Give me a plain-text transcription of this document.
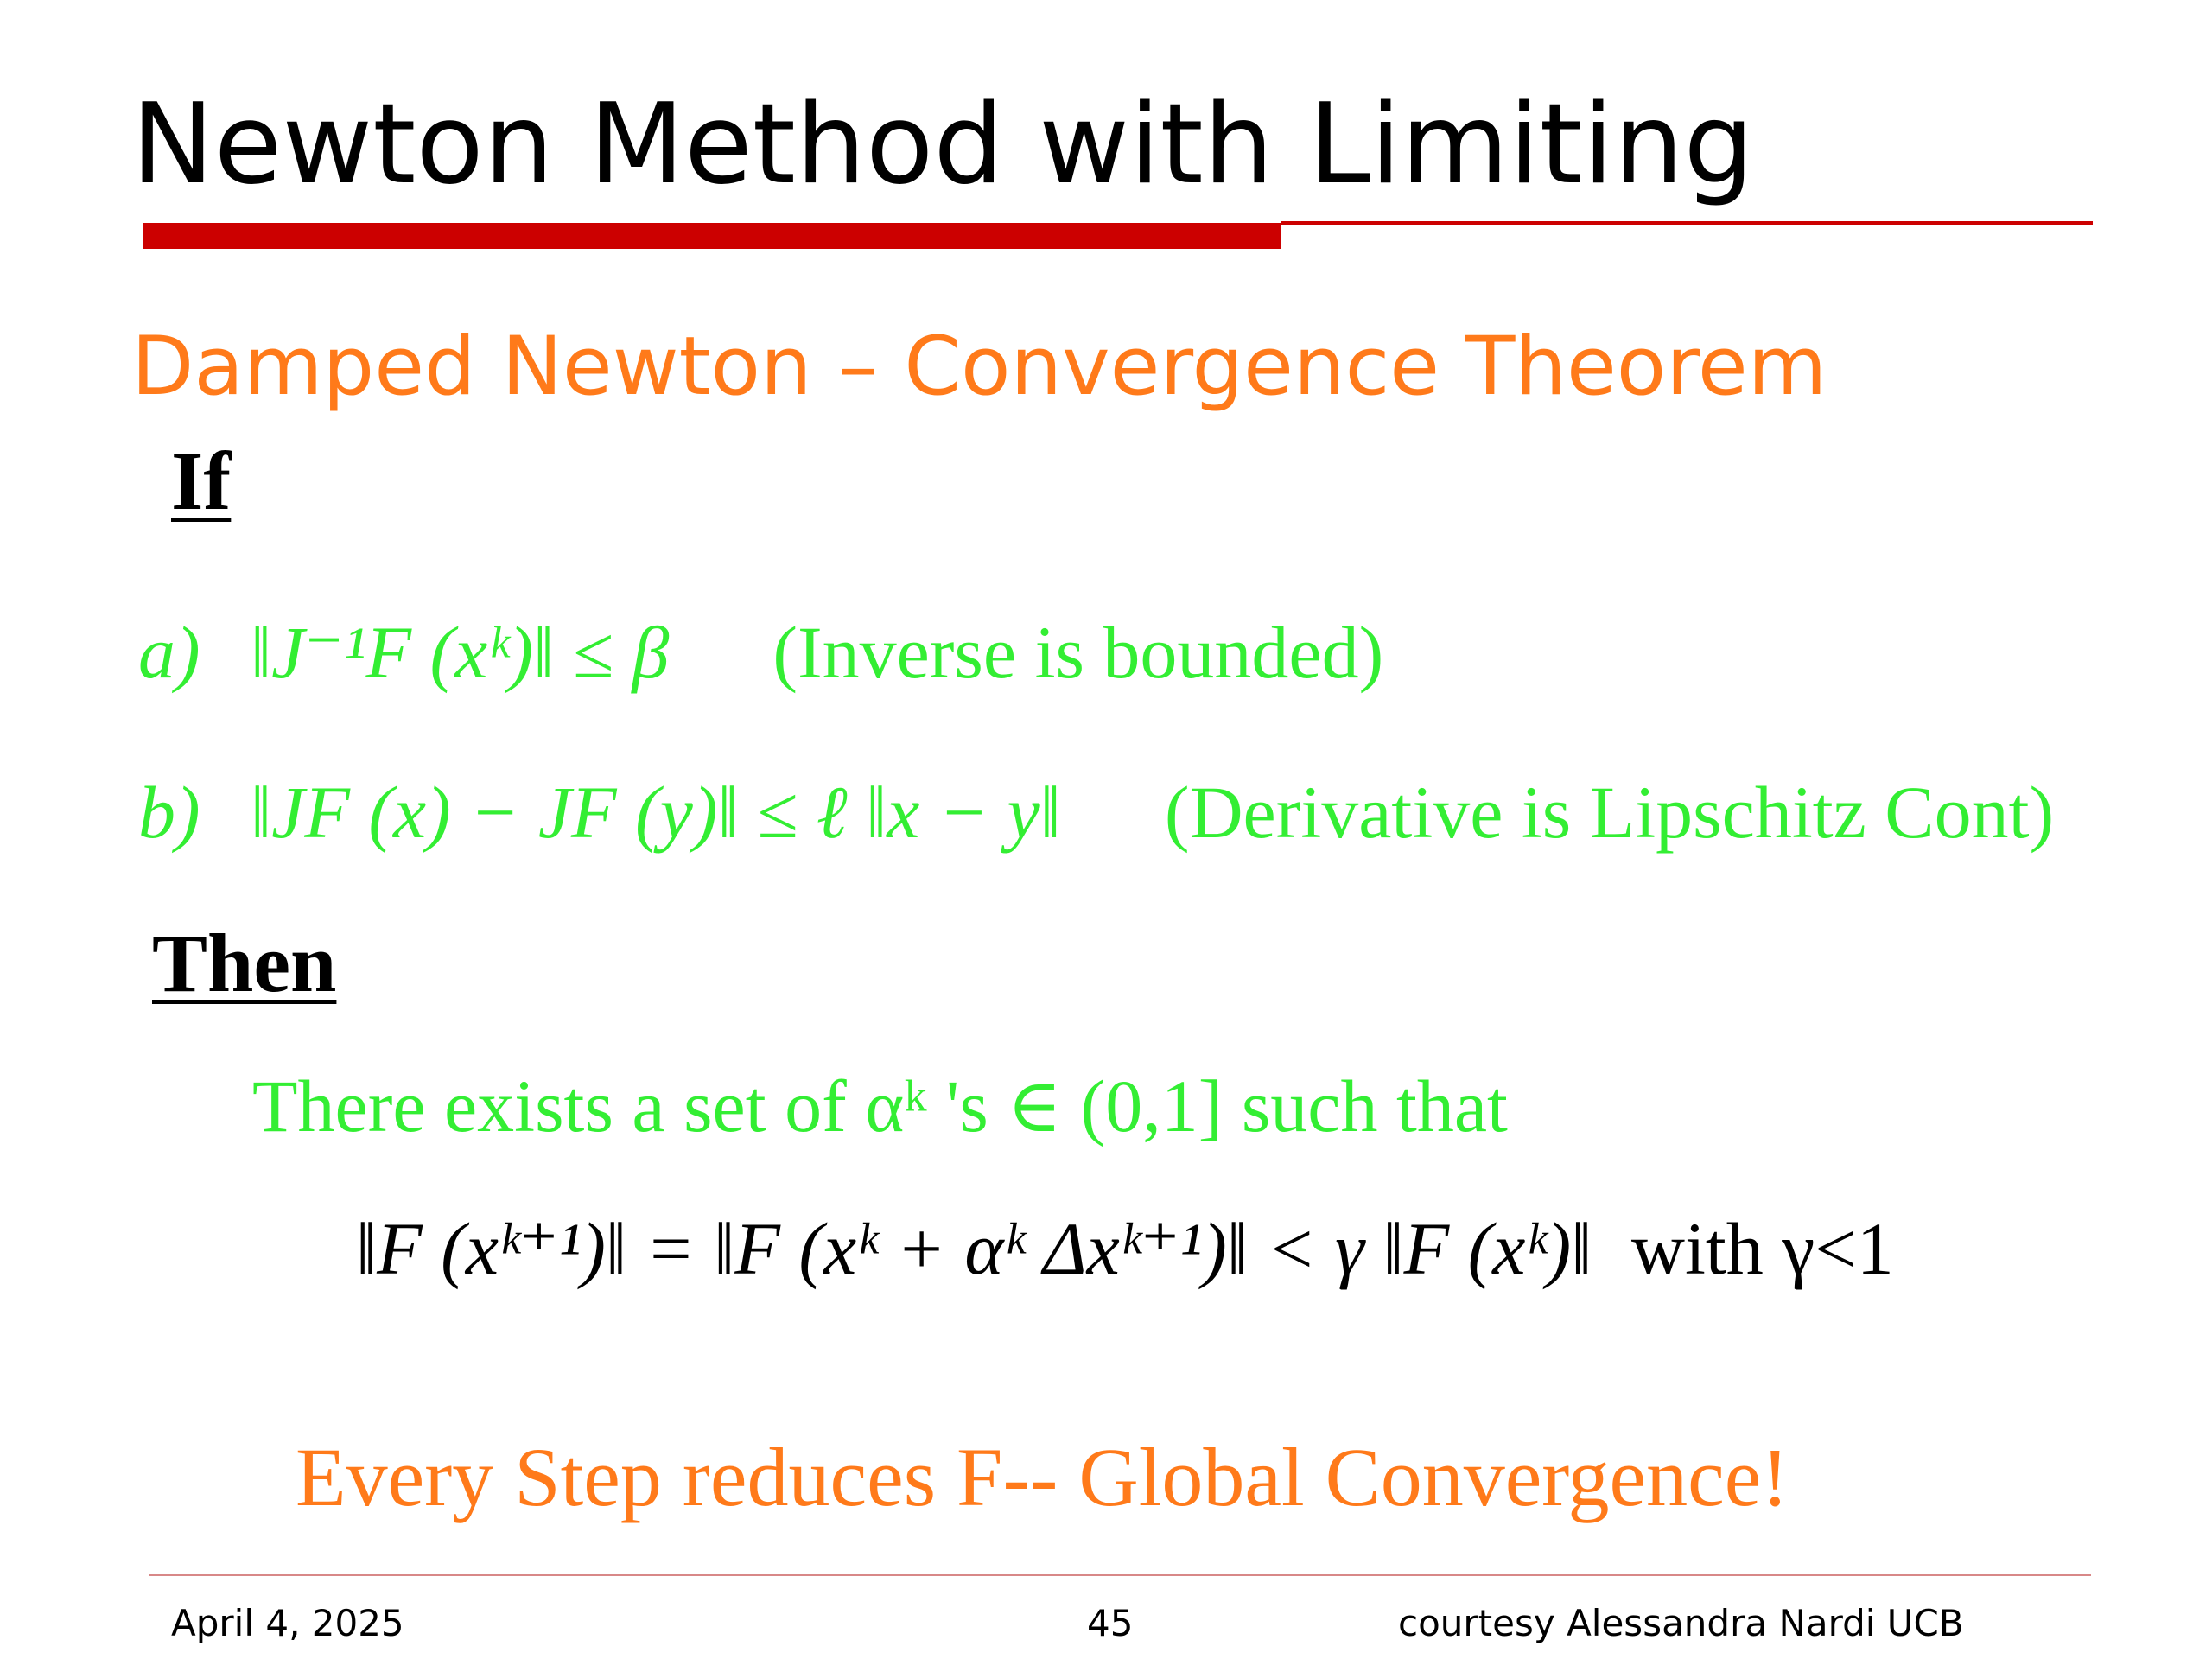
Newton Method with Limiting
Damped Newton – Convergence Theorem
If
a) ‖J⁻¹F (xᵏ)‖ ≤ β (Inverse is bounded)
b) ‖JF (x) − JF (y)‖ ≤ ℓ ‖x − y‖ (Derivative is Lipschitz Cont)
Then
There exists a set of αᵏ 's ∈ (0,1] such that
‖F (xᵏ⁺¹)‖ = ‖F (xᵏ + αᵏ Δxᵏ⁺¹)‖ < γ ‖F (xᵏ)‖ with γ<1
Every Step reduces F-- Global Convergence!
April 4, 2025	45	courtesy Alessandra Nardi UCB
